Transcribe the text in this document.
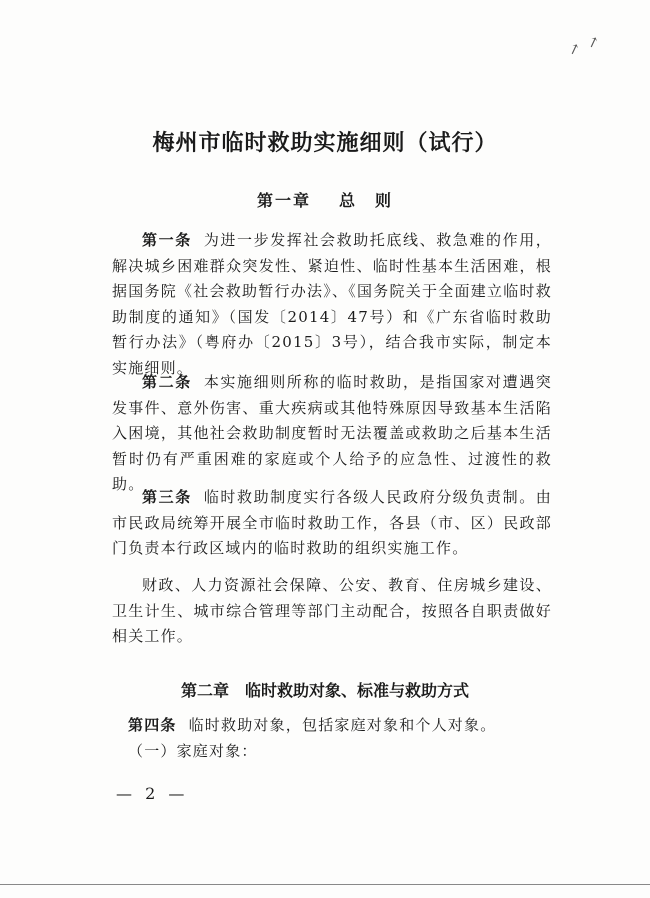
↗ ↗
梅州市临时救助实施细则（试行）
第一章 总　则
第一条 为进一步发挥社会救助托底线、救急难的作用，解决城乡困难群众突发性、紧迫性、临时性基本生活困难，根据国务院《社会救助暂行办法》、《国务院关于全面建立临时救助制度的通知》（国发〔2014〕47号）和《广东省临时救助暂行办法》（粤府办〔2015〕3号），结合我市实际，制定本实施细则。
第二条 本实施细则所称的临时救助，是指国家对遭遇突发事件、意外伤害、重大疾病或其他特殊原因导致基本生活陷入困境，其他社会救助制度暂时无法覆盖或救助之后基本生活暂时仍有严重困难的家庭或个人给予的应急性、过渡性的救助。
第三条 临时救助制度实行各级人民政府分级负责制。由市民政局统筹开展全市临时救助工作，各县（市、区）民政部门负责本行政区域内的临时救助的组织实施工作。
财政、人力资源社会保障、公安、教育、住房城乡建设、卫生计生、城市综合管理等部门主动配合，按照各自职责做好相关工作。
第二章　临时救助对象、标准与救助方式
第四条 临时救助对象，包括家庭对象和个人对象。
（一）家庭对象：
— 2 —
